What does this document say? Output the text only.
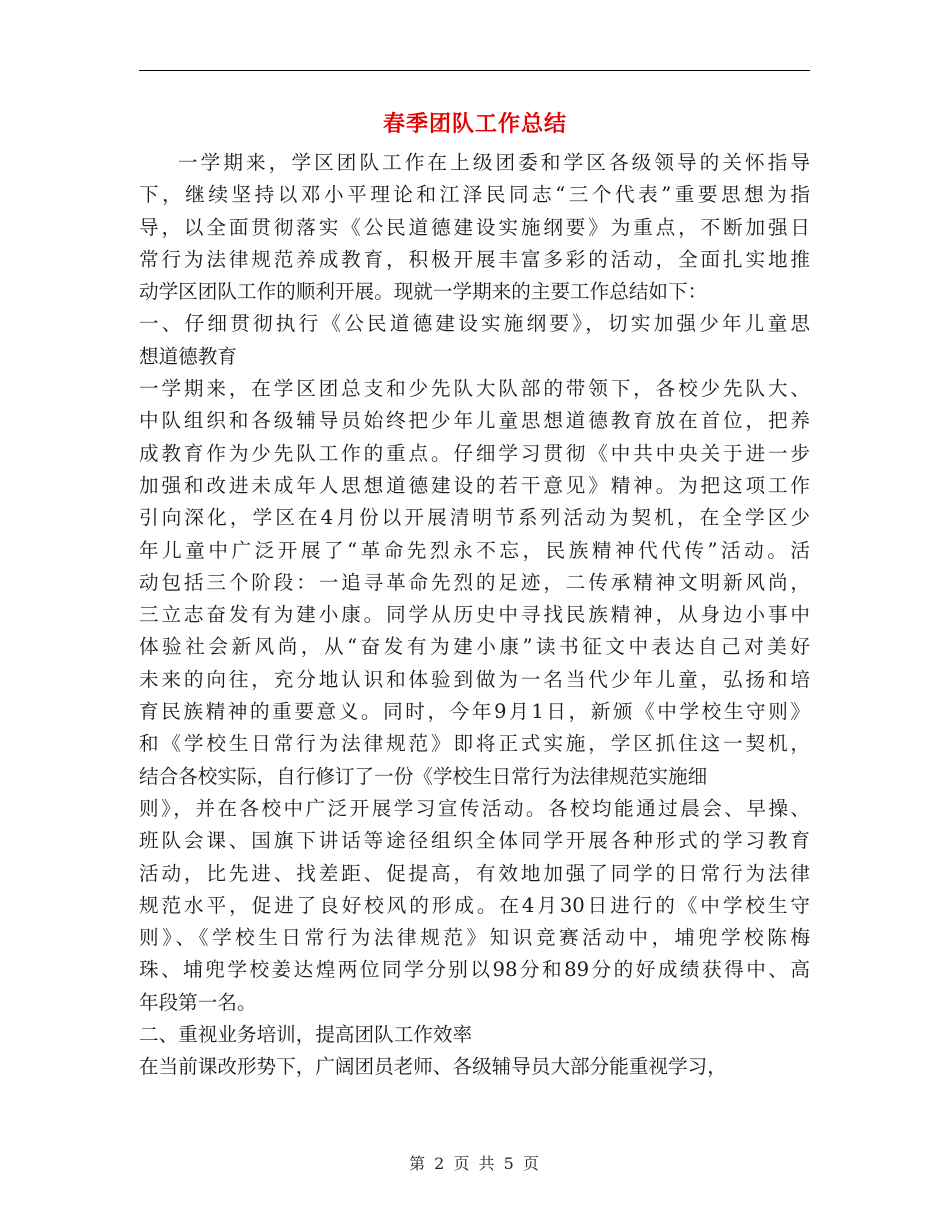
春季团队工作总结
一学期来，学区团队工作在上级团委和学区各级领导的关怀指导
下，继续坚持以邓小平理论和江泽民同志“三个代表”重要思想为指
导，以全面贯彻落实《公民道德建设实施纲要》为重点，不断加强日
常行为法律规范养成教育，积极开展丰富多彩的活动，全面扎实地推
动学区团队工作的顺利开展。现就一学期来的主要工作总结如下：
一、仔细贯彻执行《公民道德建设实施纲要》，切实加强少年儿童思
想道德教育
一学期来，在学区团总支和少先队大队部的带领下，各校少先队大、
中队组织和各级辅导员始终把少年儿童思想道德教育放在首位，把养
成教育作为少先队工作的重点。仔细学习贯彻《中共中央关于进一步
加强和改进未成年人思想道德建设的若干意见》精神。为把这项工作
引向深化，学区在4月份以开展清明节系列活动为契机，在全学区少
年儿童中广泛开展了“革命先烈永不忘，民族精神代代传”活动。活
动包括三个阶段：一追寻革命先烈的足迹，二传承精神文明新风尚，
三立志奋发有为建小康。同学从历史中寻找民族精神，从身边小事中
体验社会新风尚，从“奋发有为建小康”读书征文中表达自己对美好
未来的向往，充分地认识和体验到做为一名当代少年儿童，弘扬和培
育民族精神的重要意义。同时，今年9月1日，新颁《中学校生守则》
和《学校生日常行为法律规范》即将正式实施，学区抓住这一契机，
结合各校实际，自行修订了一份《学校生日常行为法律规范实施细
则》，并在各校中广泛开展学习宣传活动。各校均能通过晨会、早操、
班队会课、国旗下讲话等途径组织全体同学开展各种形式的学习教育
活动，比先进、找差距、促提高，有效地加强了同学的日常行为法律
规范水平，促进了良好校风的形成。在4月30日进行的《中学校生守
则》、《学校生日常行为法律规范》知识竞赛活动中，埔兜学校陈梅
珠、埔兜学校姜达煌两位同学分别以98分和89分的好成绩获得中、高
年段第一名。
二、重视业务培训，提高团队工作效率
在当前课改形势下，广阔团员老师、各级辅导员大部分能重视学习，
第 2 页 共 5 页
